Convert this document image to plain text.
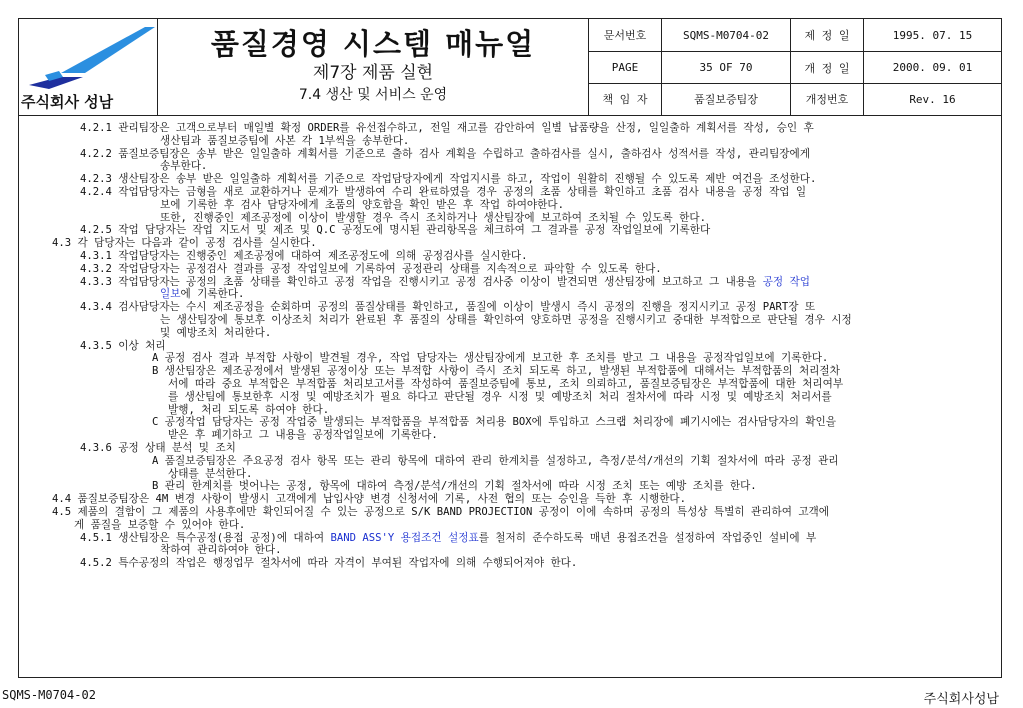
주식회사 성남	품질경영 시스템 매뉴얼
제7장 제품 실현
7.4 생산 및 서비스 운영	문서번호	SQMS-M0704-02	제 정 일	1995. 07. 15
		PAGE	35 OF 70	개 정 일	2000. 09. 01
		책 임 자	품질보증팀장	개정번호	Rev. 16
4.2.1 관리팀장은 고객으로부터 매일별 확정 ORDER를 유선접수하고, 전일 재고를 감안하여 일별 납품량을 산정, 일일출하 계획서를 작성, 승인 후
생산팀과 품질보증팀에 사본 각 1부씩을 송부한다.
4.2.2 품질보증팀장은 송부 받은 일일출하 계획서를 기준으로 출하 검사 계획을 수립하고 출하검사를 실시, 출하검사 성적서를 작성, 관리팀장에게
송부한다.
4.2.3 생산팀장은 송부 받은 일일출하 계획서를 기준으로 작업담당자에게 작업지시를 하고, 작업이 원활히 진행될 수 있도록 제반 여건을 조성한다.
4.2.4 작업담당자는 금형을 새로 교환하거나 문제가 발생하여 수리 완료하였을 경우 공정의 초품 상태를 확인하고 초품 검사 내용을 공정 작업 일
보에 기록한 후 검사 담당자에게 초품의 양호함을 확인 받은 후 작업 하여야한다.
또한, 진행중인 제조공정에 이상이 발생할 경우 즉시 조치하거나 생산팀장에 보고하여 조치될 수 있도록 한다.
4.2.5 작업 담당자는 작업 지도서 및 제조 및 Q.C 공정도에 명시된 관리항목을 체크하여 그 결과를 공정 작업일보에 기록한다
4.3 각 담당자는 다음과 같이 공정 검사를 실시한다.
4.3.1 작업담당자는 진행중인 제조공정에 대하여 제조공정도에 의해 공정검사를 실시한다.
4.3.2 작업담당자는 공정검사 결과를 공정 작업일보에 기록하여 공정관리 상태를 지속적으로 파악할 수 있도록 한다.
4.3.3 작업담당자는 공정의 초품 상태를 확인하고 공정 작업을 진행시키고 공정 검사중 이상이 발견되면 생산팀장에 보고하고 그 내용을 공정 작업
일보에 기록한다.
4.3.4 검사담당자는 수시 제조공정을 순회하며 공정의 품질상태를 확인하고, 품질에 이상이 발생시 즉시 공정의 진행을 정지시키고 공정 PART장 또
는 생산팀장에 통보후 이상조치 처리가 완료된 후 품질의 상태를 확인하여 양호하면 공정을 진행시키고 중대한 부적합으로 판단될 경우 시정
및 예방조치 처리한다.
4.3.5 이상 처리
A 공정 검사 결과 부적합 사항이 발견될 경우, 작업 담당자는 생산팀장에게 보고한 후 조치를 받고 그 내용을 공정작업일보에 기록한다.
B 생산팀장은 제조공정에서 발생된 공정이상 또는 부적합 사항이 즉시 조치 되도록 하고, 발생된 부적합품에 대해서는 부적합품의 처리절차
서에 따라 중요 부적합은 부적합품 처리보고서를 작성하여 품질보증팀에 통보, 조치 의뢰하고, 품질보증팀장은 부적합품에 대한 처리여부
를 생산팀에 통보한후 시정 및 예방조치가 필요 하다고 판단될 경우 시정 및 예방조치 처리 절차서에 따라 시정 및 예방조치 처리서를
발행, 처리 되도록 하여야 한다.
C 공정작업 담당자는 공정 작업중 발생되는 부적합품을 부적합품 처리용 BOX에 투입하고 스크랩 처리장에 폐기시에는 검사담당자의 확인을
받은 후 폐기하고 그 내용을 공정작업일보에 기록한다.
4.3.6 공정 상태 분석 및 조치
A 품질보증팀장은 주요공정 검사 항목 또는 관리 항목에 대하여 관리 한계치를 설정하고, 측정/분석/개선의 기획 절차서에 따라 공정 관리
상태를 분석한다.
B 관리 한계치를 벗어나는 공정, 항목에 대하여 측정/분석/개선의 기획 절차서에 따라 시정 조치 또는 예방 조치를 한다.
4.4 품질보증팀장은 4M 변경 사항이 발생시 고객에게 납입사양 변경 신청서에 기록, 사전 협의 또는 승인을 득한 후 시행한다.
4.5 제품의 결함이 그 제품의 사용후에만 확인되어질 수 있는 공정으로 S/K BAND PROJECTION 공정이 이에 속하며 공정의 특성상 특별히 관리하여 고객에
게 품질을 보증할 수 있어야 한다.
4.5.1 생산팀장은 특수공정(용접 공정)에 대하여 BAND ASS'Y 용접조건 설정표를 철저히 준수하도록 매년 용접조건을 설정하여 작업중인 설비에 부
착하여 관리하여야 한다.
4.5.2 특수공정의 작업은 행정업무 절차서에 따라 자격이 부여된 작업자에 의해 수행되어져야 한다.
SQMS-M0704-02	주식회사성남
